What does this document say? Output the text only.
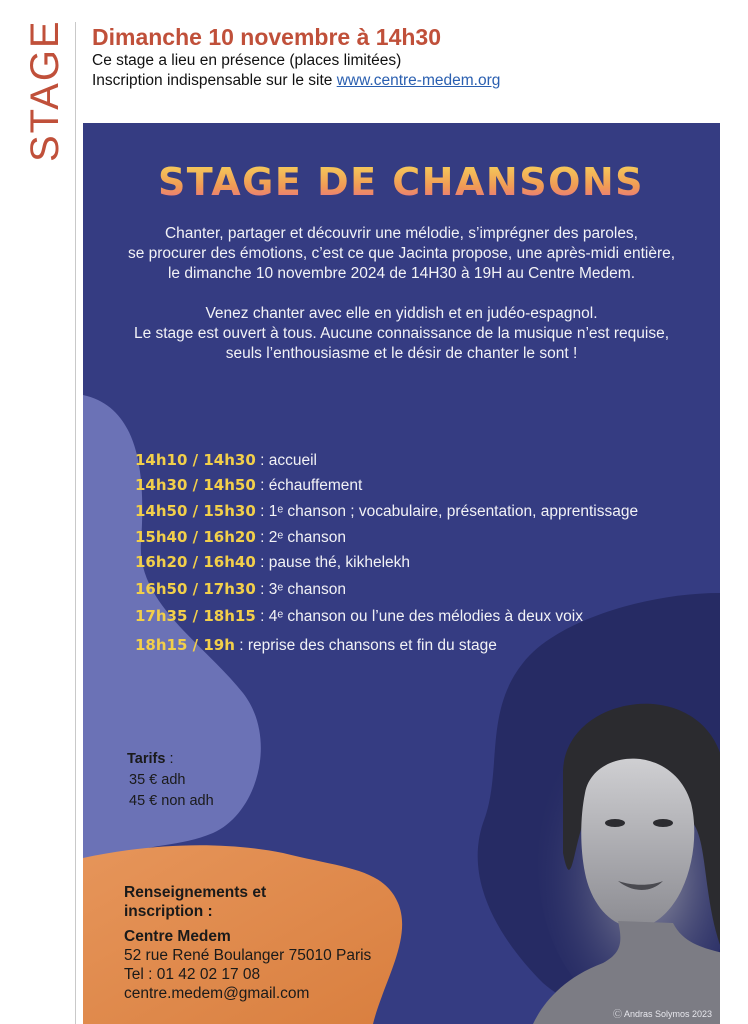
STAGE Dimanche 10 novembre à 14h30
Ce stage a lieu en présence (places limitées)
Inscription indispensable sur le site www.centre-medem.org
STAGE DE CHANSONS
Chanter, partager et découvrir une mélodie, s’imprégner des paroles,
se procurer des émotions, c’est ce que Jacinta propose, une après-midi entière,
le dimanche 10 novembre 2024 de 14H30 à 19H au Centre Medem.
Venez chanter avec elle en yiddish et en judéo-espagnol.
Le stage est ouvert à tous. Aucune connaissance de la musique n’est requise,
seuls l’enthousiasme et le désir de chanter le sont !
14h10 / 14h30 : accueil
14h30 / 14h50 : échauffement
14h50 / 15h30 : 1ᵉ chanson ; vocabulaire, présentation, apprentissage
15h40 / 16h20 : 2ᵉ chanson
16h20 / 16h40 : pause thé, kikhelekh
16h50 / 17h30 : 3ᵉ chanson
17h35 / 18h15 : 4ᵉ chanson ou l’une des mélodies à deux voix
18h15 / 19h : reprise des chansons et fin du stage
Tarifs :
35 € adh
45 € non adh
Renseignements et
inscription :
Centre Medem
52 rue René Boulanger 75010 Paris
Tel : 01 42 02 17 08
centre.medem@gmail.com
Ⓒ Andras Solymos 2023
